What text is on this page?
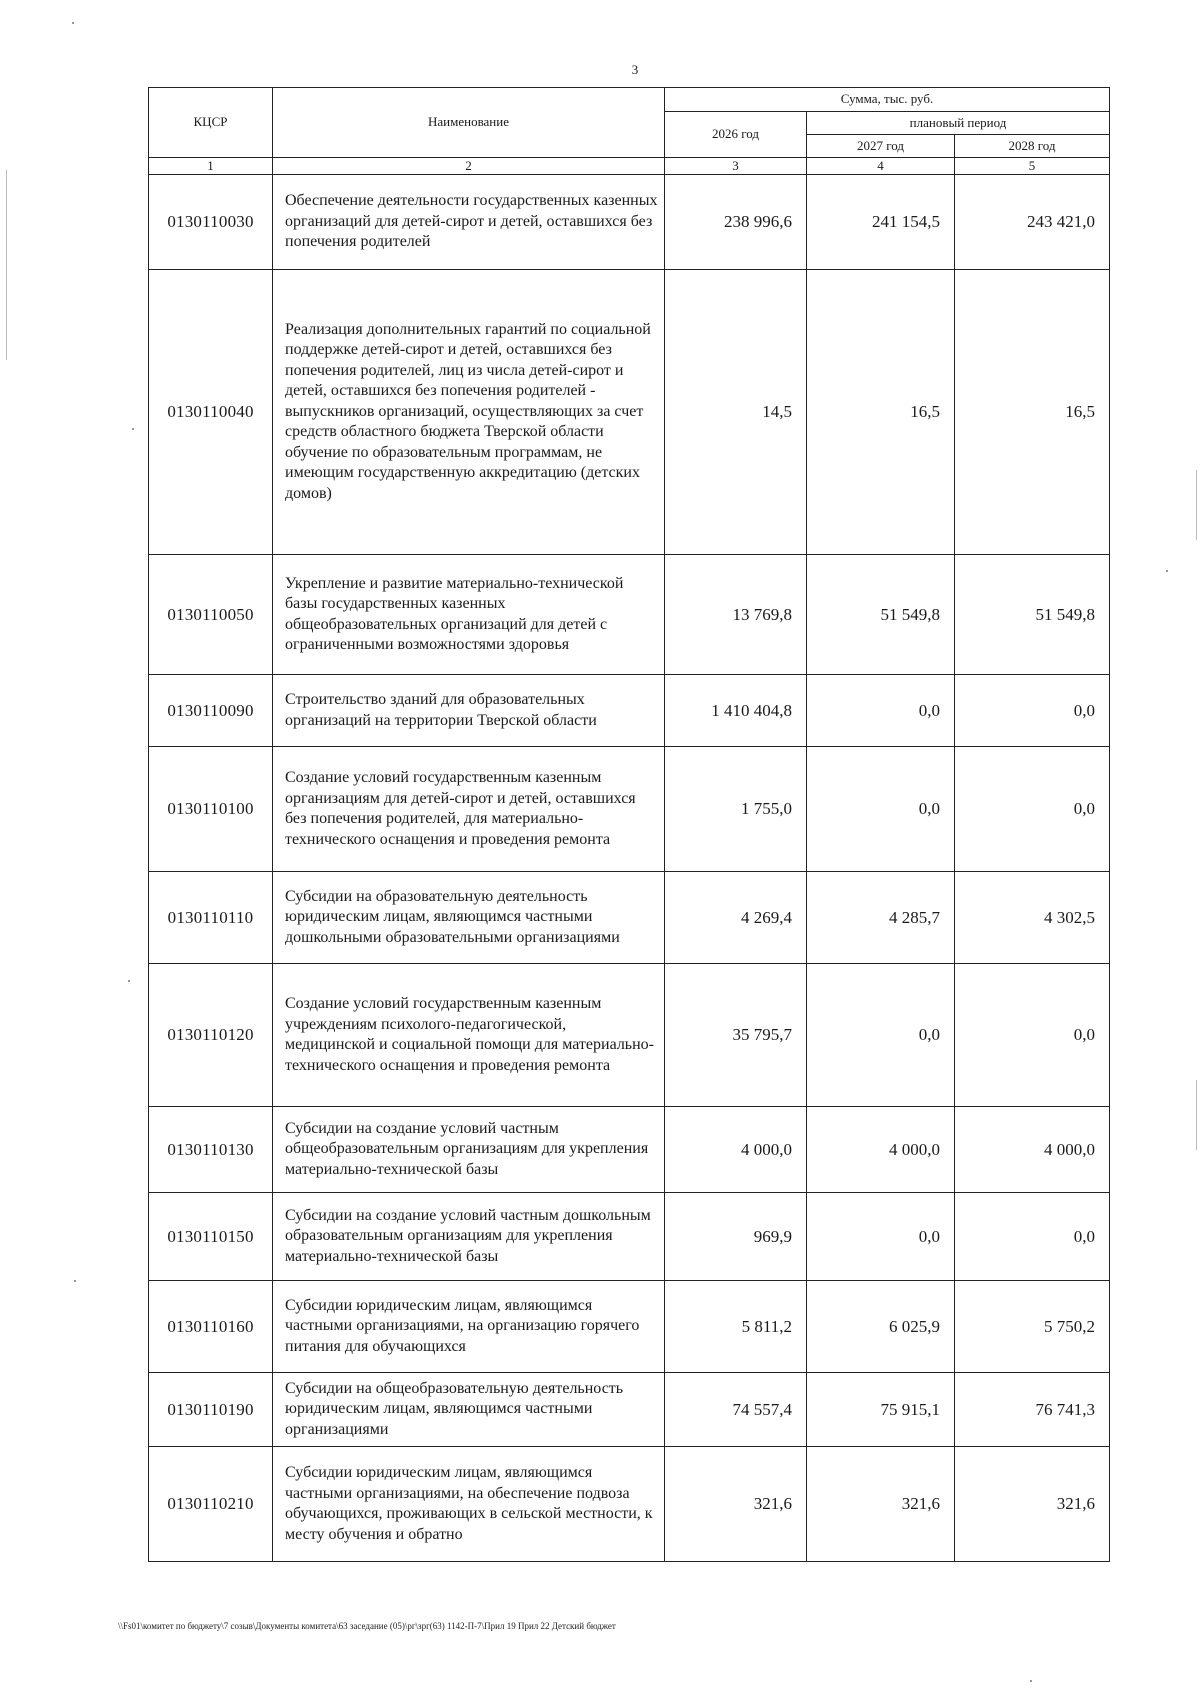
3
КЦСР	Наименование	Сумма, тыс. руб.		
		2026 год	плановый период	
			2027 год	2028 год
1	2	3	4	5
0130110030	Обеспечение деятельности государственных казенных организаций для детей-сирот и детей, оставшихся без попечения родителей	238 996,6	241 154,5	243 421,0
0130110040	Реализация дополнительных гарантий по социальной поддержке детей-сирот и детей, оставшихся без попечения родителей, лиц из числа детей-сирот и детей, оставшихся без попечения родителей - выпускников организаций, осуществляющих за счет средств областного бюджета Тверской области обучение по образовательным программам, не имеющим государственную аккредитацию (детских домов)	14,5	16,5	16,5
0130110050	Укрепление и развитие материально-технической базы государственных казенных общеобразовательных организаций для детей с ограниченными возможностями здоровья	13 769,8	51 549,8	51 549,8
0130110090	Строительство зданий для образовательных организаций на территории Тверской области	1 410 404,8	0,0	0,0
0130110100	Создание условий государственным казенным организациям для детей-сирот и детей, оставшихся без попечения родителей, для материально-технического оснащения и проведения ремонта	1 755,0	0,0	0,0
0130110110	Субсидии на образовательную деятельность юридическим лицам, являющимся частными дошкольными образовательными организациями	4 269,4	4 285,7	4 302,5
0130110120	Создание условий государственным казенным учреждениям психолого-педагогической, медицинской и социальной помощи для материально-технического оснащения и проведения ремонта	35 795,7	0,0	0,0
0130110130	Субсидии на создание условий частным общеобразовательным организациям для укрепления материально-технической базы	4 000,0	4 000,0	4 000,0
0130110150	Субсидии на создание условий частным дошкольным образовательным организациям для укрепления материально-технической базы	969,9	0,0	0,0
0130110160	Субсидии юридическим лицам, являющимся частными организациями, на организацию горячего питания для обучающихся	5 811,2	6 025,9	5 750,2
0130110190	Субсидии на общеобразовательную деятельность юридическим лицам, являющимся частными организациями	74 557,4	75 915,1	76 741,3
0130110210	Субсидии юридическим лицам, являющимся частными организациями, на обеспечение подвоза обучающихся, проживающих в сельской местности, к месту обучения и обратно	321,6	321,6	321,6
\\Fs01\комитет по бюджету\7 созыв\Документы комитета\63 заседание (05)\рг\зрг(63) 1142-П-7\Прил 19 Прил 22 Детский бюджет
